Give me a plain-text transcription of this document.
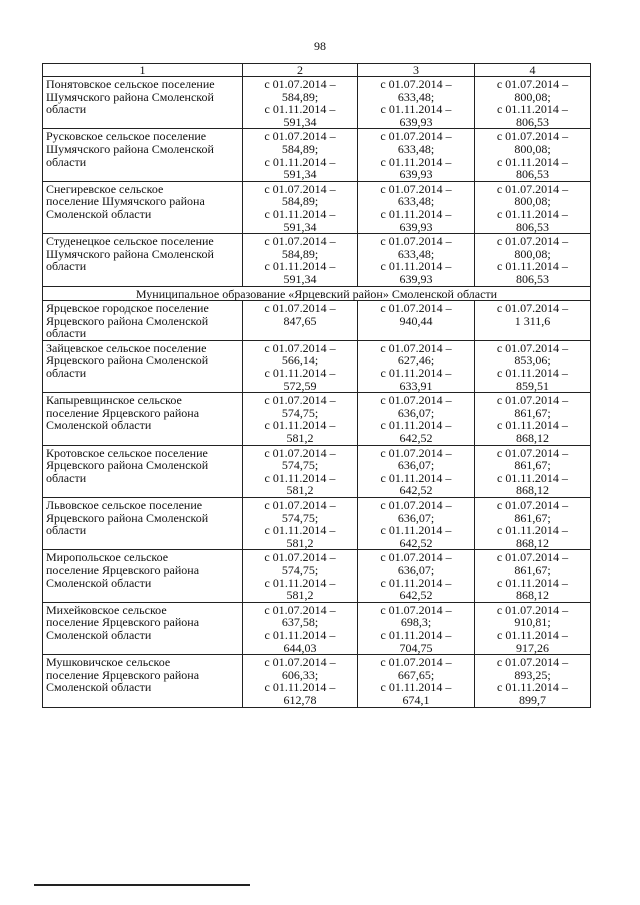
98
1	2	3	4

Понятовское сельское поселение
Шумячского района Смоленской
области	с 01.07.2014 –
584,89;
с 01.11.2014 –
591,34	с 01.07.2014 –
633,48;
с 01.11.2014 –
639,93	с 01.07.2014 –
800,08;
с 01.11.2014 –
806,53

Русковское сельское поселение
Шумячского района Смоленской
области	с 01.07.2014 –
584,89;
с 01.11.2014 –
591,34	с 01.07.2014 –
633,48;
с 01.11.2014 –
639,93	с 01.07.2014 –
800,08;
с 01.11.2014 –
806,53

Снегиревское сельское
поселение Шумячского района
Смоленской области	с 01.07.2014 –
584,89;
с 01.11.2014 –
591,34	с 01.07.2014 –
633,48;
с 01.11.2014 –
639,93	с 01.07.2014 –
800,08;
с 01.11.2014 –
806,53

Студенецкое сельское поселение
Шумячского района Смоленской
области	с 01.07.2014 –
584,89;
с 01.11.2014 –
591,34	с 01.07.2014 –
633,48;
с 01.11.2014 –
639,93	с 01.07.2014 –
800,08;
с 01.11.2014 –
806,53

Муниципальное образование «Ярцевский район» Смоленской области			

Ярцевское городское поселение
Ярцевского района Смоленской
области	с 01.07.2014 –
847,65	с 01.07.2014 –
940,44	с 01.07.2014 –
1 311,6

Зайцевское сельское поселение
Ярцевского района Смоленской
области	с 01.07.2014 –
566,14;
с 01.11.2014 –
572,59	с 01.07.2014 –
627,46;
с 01.11.2014 –
633,91	с 01.07.2014 –
853,06;
с 01.11.2014 –
859,51

Капыревщинское сельское
поселение Ярцевского района
Смоленской области	с 01.07.2014 –
574,75;
с 01.11.2014 –
581,2	с 01.07.2014 –
636,07;
с 01.11.2014 –
642,52	с 01.07.2014 –
861,67;
с 01.11.2014 –
868,12

Кротовское сельское поселение
Ярцевского района Смоленской
области	с 01.07.2014 –
574,75;
с 01.11.2014 –
581,2	с 01.07.2014 –
636,07;
с 01.11.2014 –
642,52	с 01.07.2014 –
861,67;
с 01.11.2014 –
868,12

Львовское сельское поселение
Ярцевского района Смоленской
области	с 01.07.2014 –
574,75;
с 01.11.2014 –
581,2	с 01.07.2014 –
636,07;
с 01.11.2014 –
642,52	с 01.07.2014 –
861,67;
с 01.11.2014 –
868,12

Миропольское сельское
поселение Ярцевского района
Смоленской области	с 01.07.2014 –
574,75;
с 01.11.2014 –
581,2	с 01.07.2014 –
636,07;
с 01.11.2014 –
642,52	с 01.07.2014 –
861,67;
с 01.11.2014 –
868,12

Михейковское сельское
поселение Ярцевского района
Смоленской области	с 01.07.2014 –
637,58;
с 01.11.2014 –
644,03	с 01.07.2014 –
698,3;
с 01.11.2014 –
704,75	с 01.07.2014 –
910,81;
с 01.11.2014 –
917,26

Мушковичское сельское
поселение Ярцевского района
Смоленской области	с 01.07.2014 –
606,33;
с 01.11.2014 –
612,78	с 01.07.2014 –
667,65;
с 01.11.2014 –
674,1	с 01.07.2014 –
893,25;
с 01.11.2014 –
899,7
